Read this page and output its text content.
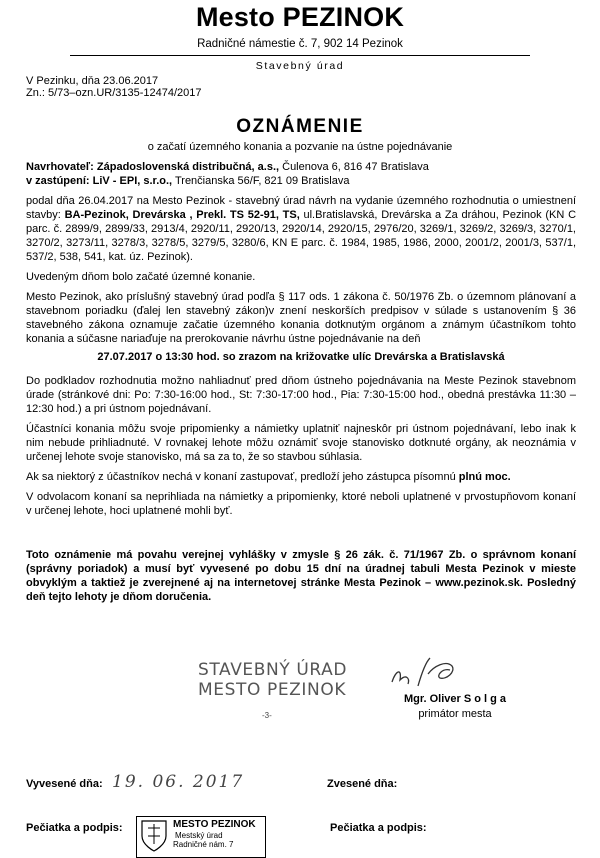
Mesto PEZINOK
Radničné námestie č. 7, 902 14 Pezinok
Stavebný úrad
V Pezinku, dňa 23.06.2017
Zn.: 5/73–ozn.UR/3135-12474/2017
OZNÁMENIE
o začatí územného konania a pozvanie na ústne pojednávanie

Navrhovateľ: Západoslovenská distribučná, a.s., Čulenova 6, 816 47 Bratislava

v zastúpení: LiV - EPI, s.r.o., Trenčianska 56/F, 821 09 Bratislava

podal dňa 26.04.2017 na Mesto Pezinok - stavebný úrad návrh na vydanie územného rozhodnutia o umiestnení stavby: BA-Pezinok, Drevárska , Prekl. TS 52-91, TS, ul.Bratislavská, Drevárska a Za dráhou, Pezinok (KN C parc. č. 2899/9, 2899/33, 2913/4, 2920/11, 2920/13, 2920/14, 2920/15, 2976/20, 3269/1, 3269/2, 3269/3, 3270/1, 3270/2, 3273/11, 3278/3, 3278/5, 3279/5, 3280/6, KN E parc. č. 1984, 1985, 1986, 2000, 2001/2, 2001/3, 537/1, 537/2, 538, 541, kat. úz. Pezinok).

Uvedeným dňom bolo začaté územné konanie.

Mesto Pezinok, ako príslušný stavebný úrad podľa § 117 ods. 1 zákona č. 50/1976 Zb. o územnom plánovaní a stavebnom poriadku (ďalej len stavebný zákon)v znení neskorších predpisov v súlade s ustanovením § 36 stavebného zákona oznamuje začatie územného konania dotknutým orgánom a známym účastníkom tohto konania a súčasne nariaďuje na prerokovanie návrhu ústne pojednávanie na deň

27.07.2017 o 13:30 hod. so zrazom na križovatke ulíc Drevárska a Bratislavská

Do podkladov rozhodnutia možno nahliadnuť pred dňom ústneho pojednávania na Meste Pezinok stavebnom úrade (stránkové dni: Po: 7:30-16:00 hod., St: 7:30-17:00 hod., Pia: 7:30-15:00 hod., obedná prestávka 11:30 – 12:30 hod.) a pri ústnom pojednávaní.

Účastníci konania môžu svoje pripomienky a námietky uplatniť najneskôr pri ústnom pojednávaní, lebo inak k nim nebude prihliadnuté. V rovnakej lehote môžu oznámiť svoje stanovisko dotknuté orgány, ak neoznámia v určenej lehote svoje stanovisko, má sa za to, že so stavbou súhlasia.

Ak sa niektorý z účastníkov nechá v konaní zastupovať, predloží jeho zástupca písomnú plnú moc.

V odvolacom konaní sa neprihliada na námietky a pripomienky, ktoré neboli uplatnené v prvostupňovom konaní v určenej lehote, hoci uplatnené mohli byť.

Toto oznámenie má povahu verejnej vyhlášky v zmysle § 26 zák. č. 71/1967 Zb. o správnom konaní (správny poriadok) a musí byť vyvesené po dobu 15 dní na úradnej tabuli Mesta Pezinok v mieste obvyklým a taktiež je zverejnené aj na internetovej stránke Mesta Pezinok – www.pezinok.sk. Posledný deň tejto lehoty je dňom doručenia.

STAVEBNÝ ÚRAD
MESTO PEZINOK
-3-
Mgr. Oliver S o l g a
primátor mesta
Vyvesené dňa: 19. 06. 2017	Zvesené dňa:
Pečiatka a podpis:	Pečiatka a podpis:
MESTO PEZINOK
Mestský úrad
Radničné nám. 7
